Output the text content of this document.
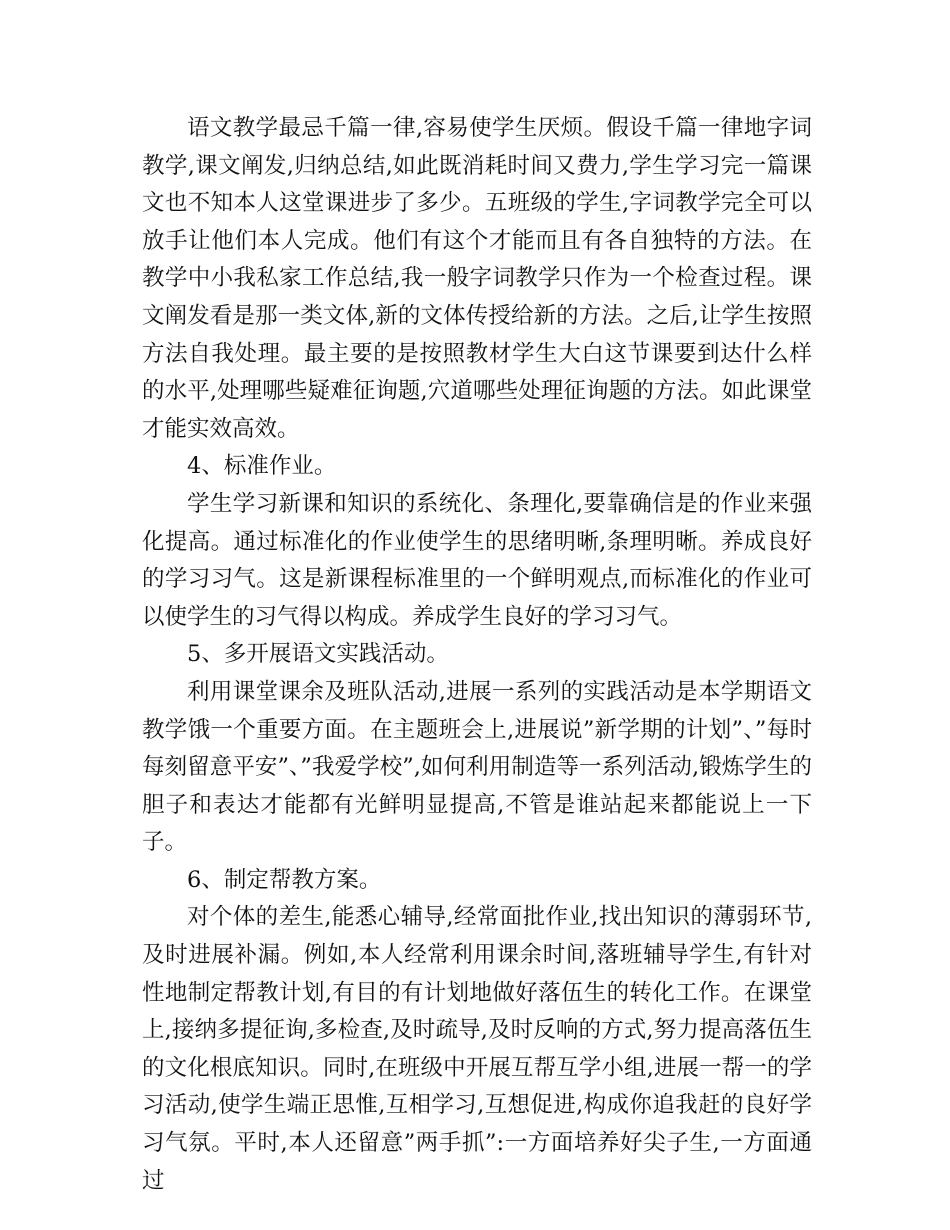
语文教学最忌千篇一律,容易使学生厌烦。假设千篇一律地字词教学,课文阐发,归纳总结,如此既消耗时间又费力,学生学习完一篇课文也不知本人这堂课进步了多少。五班级的学生,字词教学完全可以放手让他们本人完成。他们有这个才能而且有各自独特的方法。在教学中小我私家工作总结,我一般字词教学只作为一个检查过程。课文阐发看是那一类文体,新的文体传授给新的方法。之后,让学生按照方法自我处理。最主要的是按照教材学生大白这节课要到达什么样的水平,处理哪些疑难征询题,穴道哪些处理征询题的方法。如此课堂才能实效高效。

4、标准作业。

学生学习新课和知识的系统化、条理化,要靠确信是的作业来强化提高。通过标准化的作业使学生的思绪明晰,条理明晰。养成良好的学习习气。这是新课程标准里的一个鲜明观点,而标准化的作业可以使学生的习气得以构成。养成学生良好的学习习气。

5、多开展语文实践活动。

利用课堂课余及班队活动,进展一系列的实践活动是本学期语文教学饿一个重要方面。在主题班会上,进展说”新学期的计划”、”每时每刻留意平安”、”我爱学校”,如何利用制造等一系列活动,锻炼学生的胆子和表达才能都有光鲜明显提高,不管是谁站起来都能说上一下子。

6、制定帮教方案。

对个体的差生,能悉心辅导,经常面批作业,找出知识的薄弱环节,及时进展补漏。例如,本人经常利用课余时间,落班辅导学生,有针对性地制定帮教计划,有目的有计划地做好落伍生的转化工作。在课堂上,接纳多提征询,多检查,及时疏导,及时反响的方式,努力提高落伍生的文化根底知识。同时,在班级中开展互帮互学小组,进展一帮一的学习活动,使学生端正思惟,互相学习,互想促进,构成你追我赶的良好学习气氛。平时,本人还留意”两手抓”:一方面培养好尖子生,一方面通过
